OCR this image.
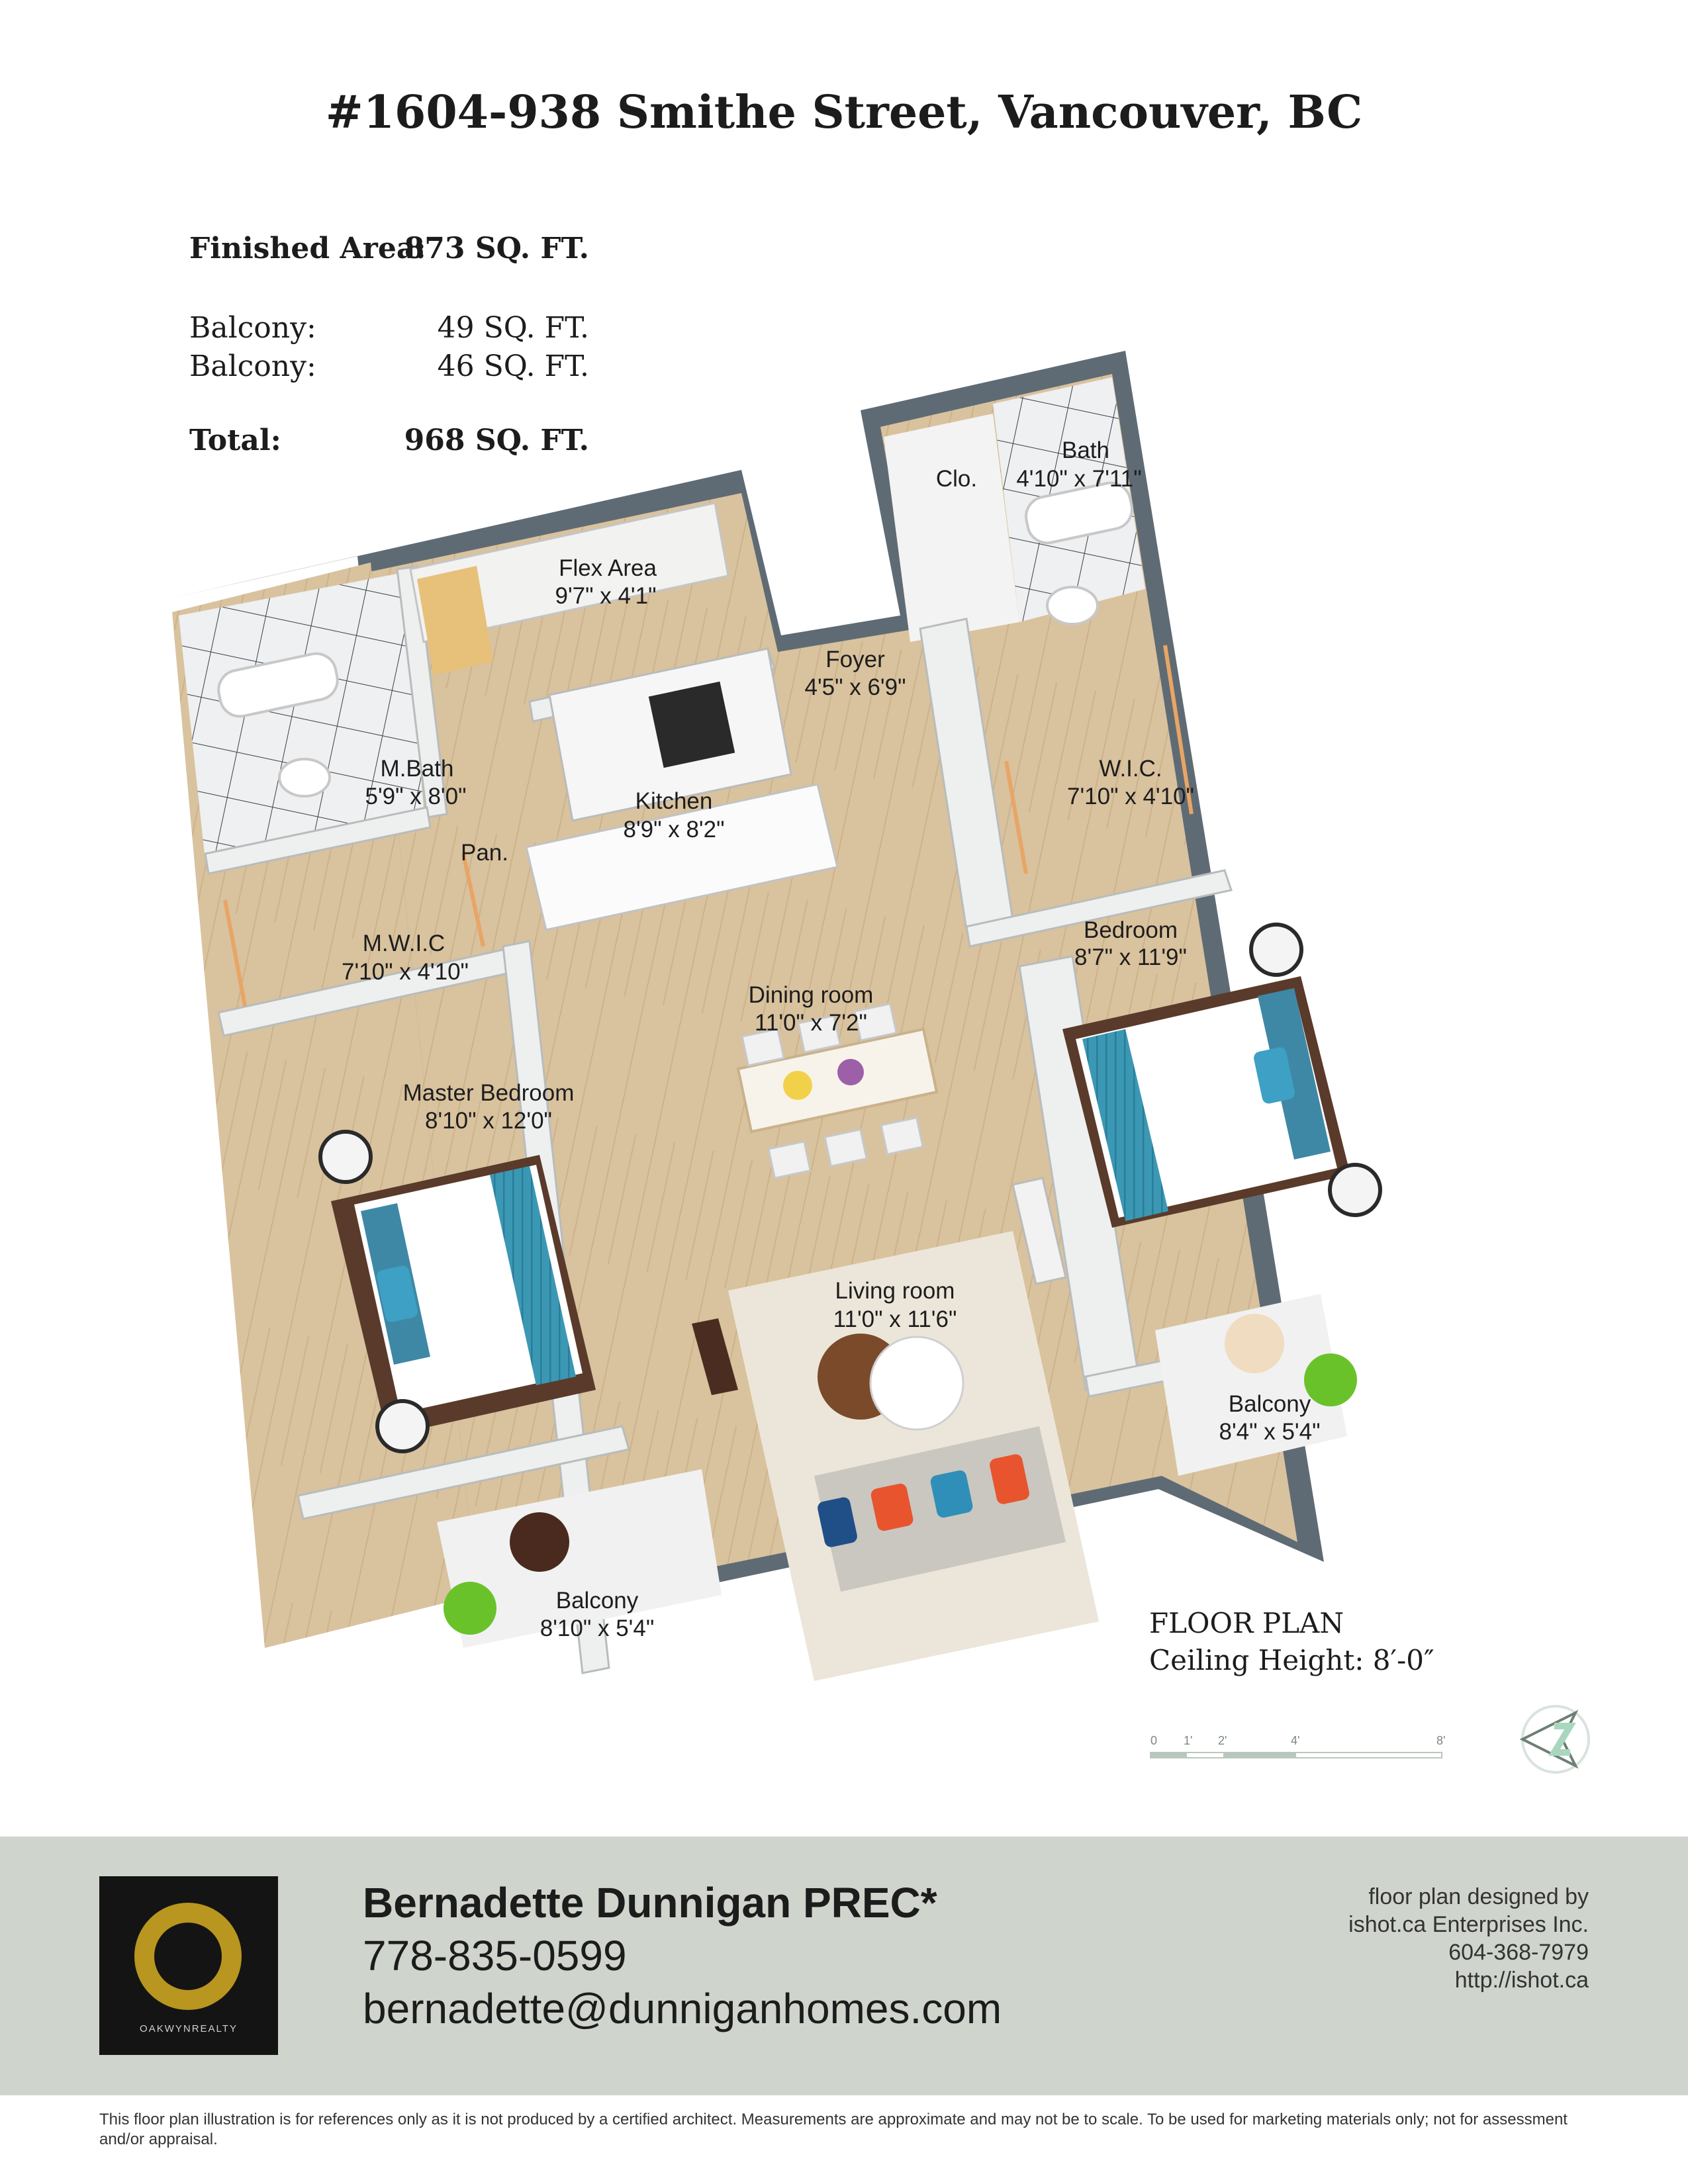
#1604-938 Smithe Street, Vancouver, BC
Finished Area:
873 SQ. FT.
Balcony:	49 SQ. FT.
Balcony:	46 SQ. FT.
Total:	968 SQ. FT.	Bath
4'10" x 7'11"
Clo.
Flex Area
9'7" x 4'1"
Foyer
4'5" x 6'9"
M.Bath
5'9" x 8'0"	Kitchen
8'9" x 8'2"
Pan.
W.I.C.
7'10" x 4'10"
M.W.I.C
7'10" x 4'10"
Bedroom
8'7" x 11'9"
Dining room
11'0" x 7'2"
Master Bedroom
8'10" x 12'0"
Living room
11'0" x 11'6"
Balcony
8'4" x 5'4"
Balcony
8'10" x 5'4"	FLOOR PLAN
Ceiling Height: 8′-0″
0 1' 2'	4'	8'
OAKWYNREALTY
Bernadette Dunnigan PREC*
778-835-0599
bernadette@dunniganhomes.com
floor plan designed by
ishot.ca Enterprises Inc.
604-368-7979
http://ishot.ca
This floor plan illustration is for references only as it is not produced by a certified architect. Measurements are approximate and may not be to scale. To be used for marketing materials only; not for assessment and/or appraisal.
